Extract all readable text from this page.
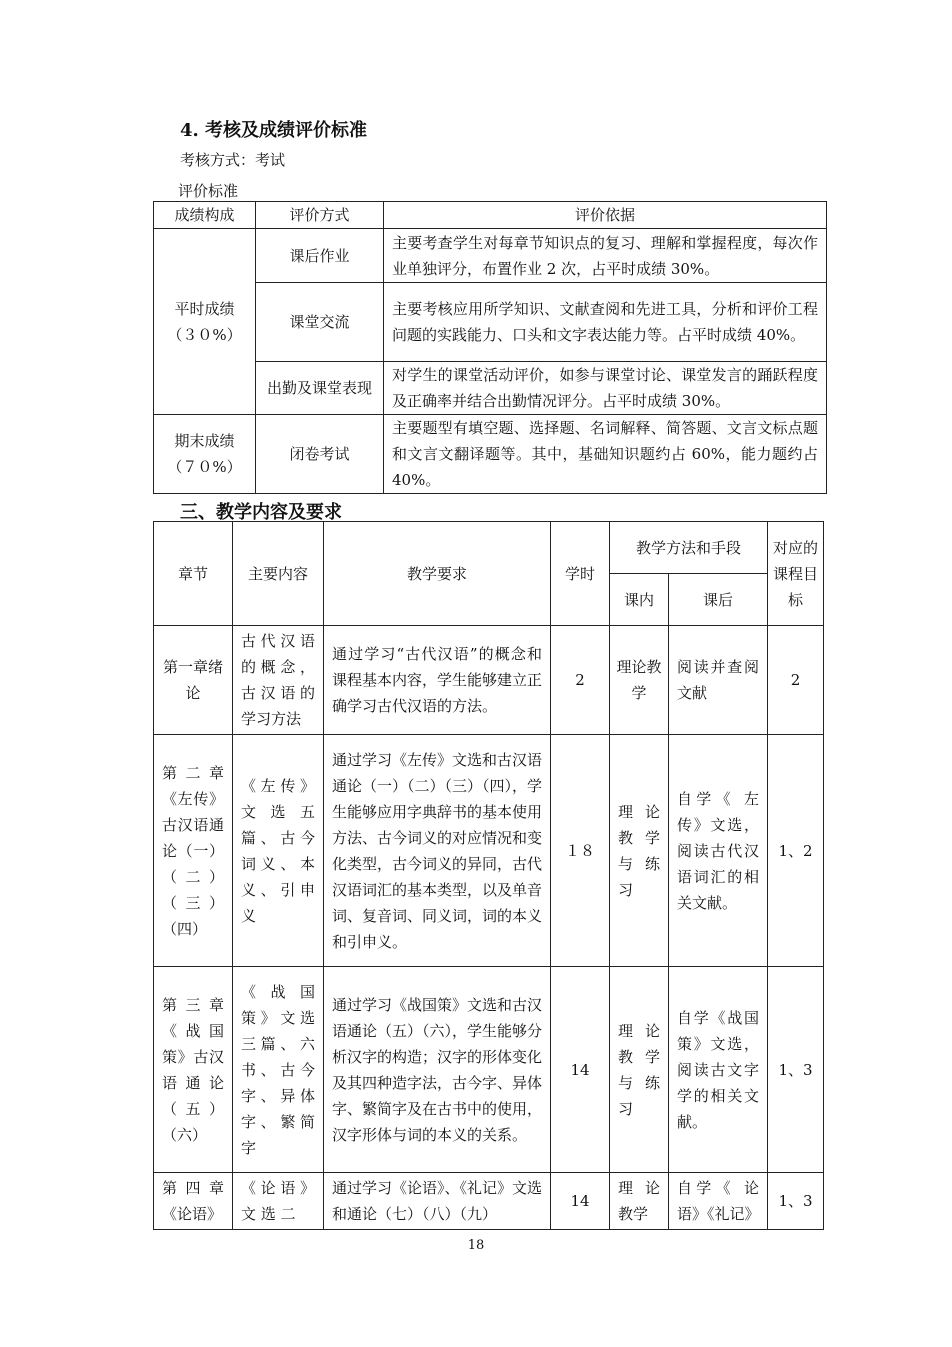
4. 考核及成绩评价标准
考核方式：考试
评价标准
成绩构成	评价方式	评价依据

平时成绩
（３０%）	课后作业	主要考查学生对每章节知识点的复习、理解和掌握程度，每次作业单独评分，布置作业 2 次，占平时成绩 30%。
	课堂交流	主要考核应用所学知识、文献查阅和先进工具，分析和评价工程问题的实践能力、口头和文字表达能力等。占平时成绩 40%。
	出勤及课堂表现	对学生的课堂活动评价，如参与课堂讨论、课堂发言的踊跃程度及正确率并结合出勤情况评分。占平时成绩 30%。

期末成绩
（７０%）	闭卷考试	主要题型有填空题、选择题、名词解释、简答题、文言文标点题和文言文翻译题等。其中，基础知识题约占 60%，能力题约占 40%。
三、教学内容及要求
章节	主要内容	教学要求	学时	教学方法和手段		对应的课程目标
				课内	课后	
第一章绪论	古代汉语的概念，古汉语的学习方法	通过学习“古代汉语”的概念和课程基本内容，学生能够建立正确学习古代汉语的方法。	2	理论教学	阅读并查阅文献	2
第二章《左传》古汉语通论（一）（二）（三）（四）	《左传》文选五篇、古今词义、本义、引申义	通过学习《左传》文选和古汉语通论（一）（二）（三）（四），学生能够应用字典辞书的基本使用方法、古今词义的对应情况和变化类型，古今词义的异同，古代汉语词汇的基本类型，以及单音词、复音词、同义词，词的本义和引申义。	１８	理论教学与练习	自学《 左传》文选，阅读古代汉语词汇的相关文献。	1、2
第三章《战国策》古汉语通论（五）（六）	《 战 国策》文选三篇、六书、古今字、异体字、繁简字	通过学习《战国策》文选和古汉语通论（五）（六），学生能够分析汉字的构造；汉字的形体变化及其四种造字法，古今字、异体字、繁简字及在古书中的使用，汉字形体与词的本义的关系。	14	理论教学与练习	自学《战国策》文选，阅读古文字学的相关文献。	1、3
第四章《论语》	《论语》文 选 二	通过学习《论语》、《礼记》文选和通论（七）（八）（九）	14	理论教学	自学《 论语》《礼记》	1、3
18
